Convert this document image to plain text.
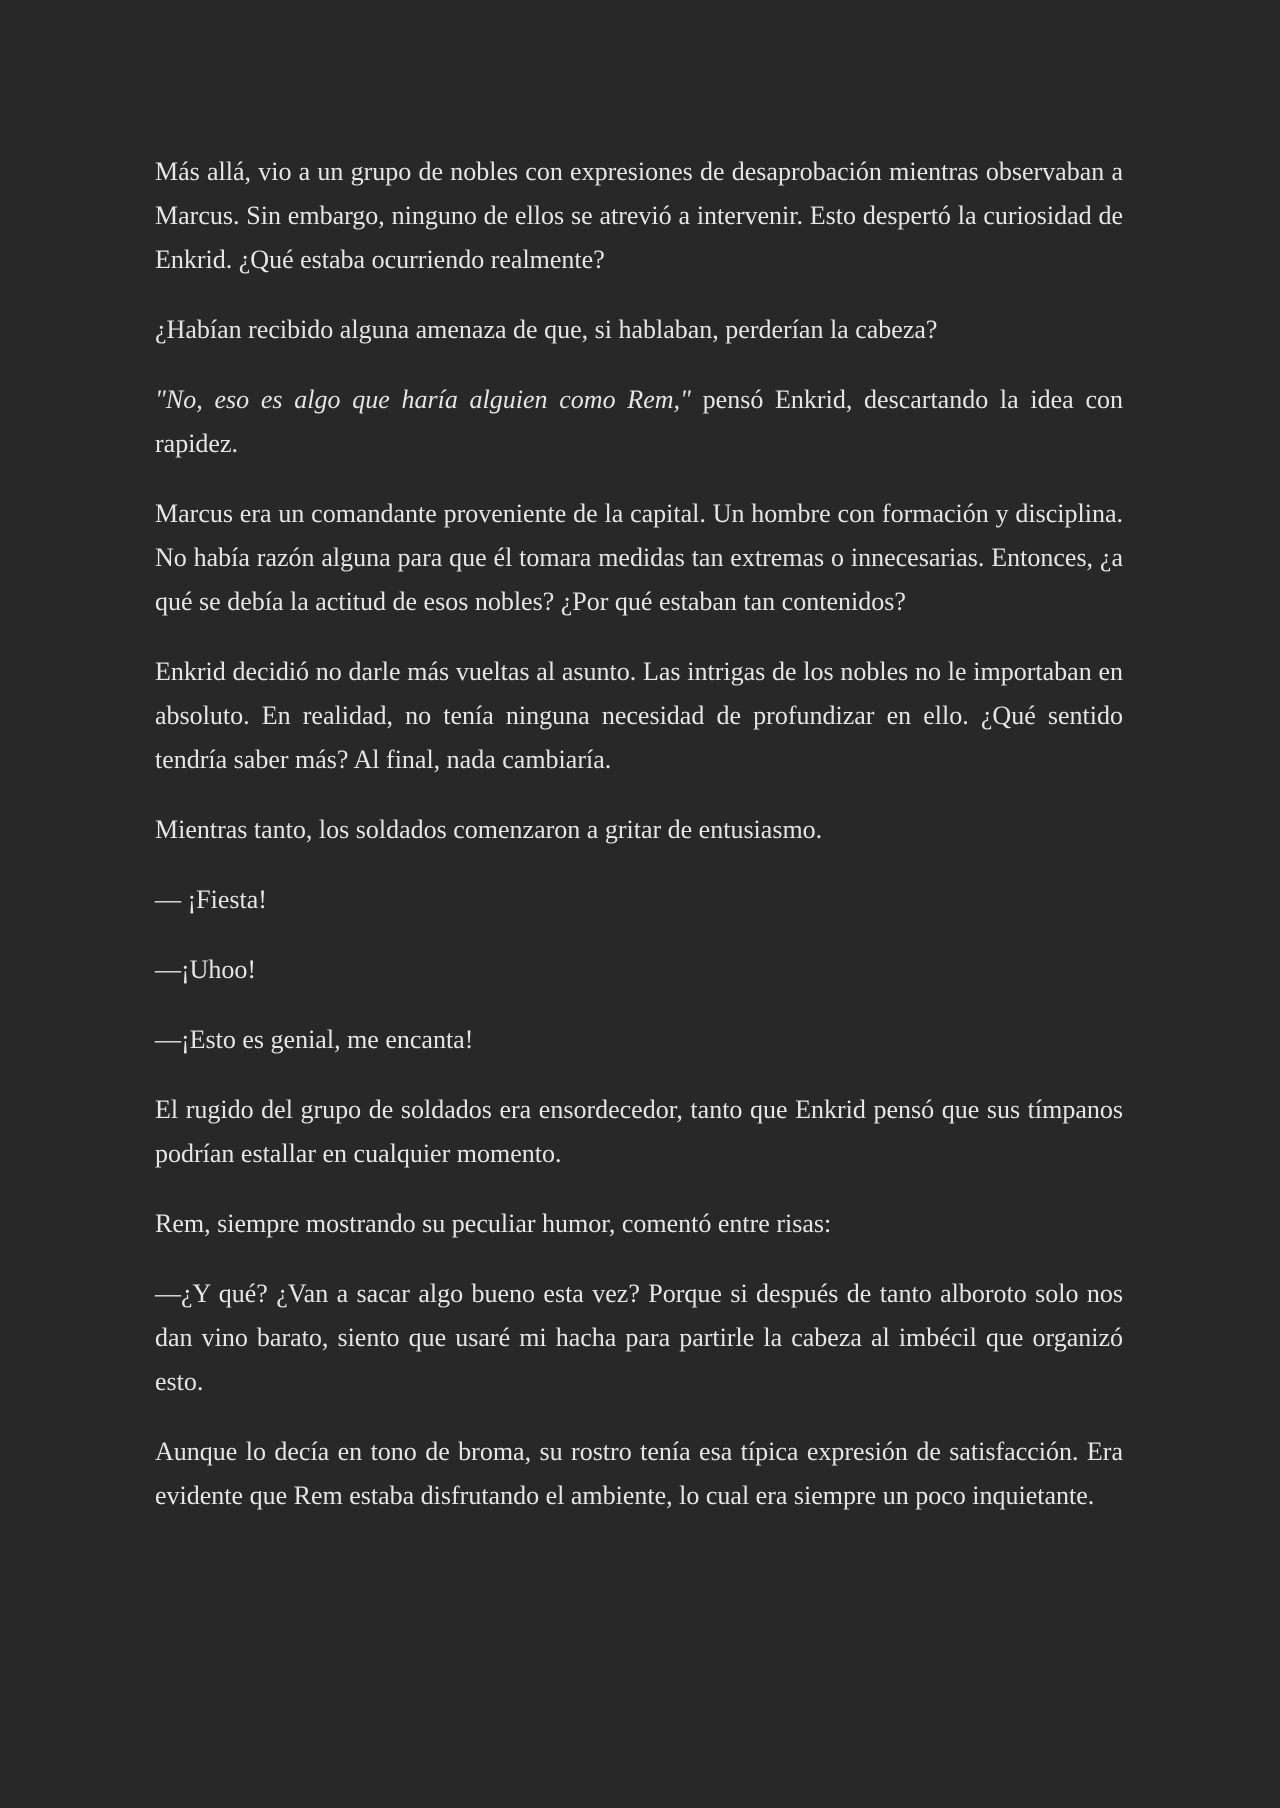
Más allá, vio a un grupo de nobles con expresiones de desaprobación mientras observaban a Marcus. Sin embargo, ninguno de ellos se atrevió a intervenir. Esto despertó la curiosidad de Enkrid. ¿Qué estaba ocurriendo realmente?

¿Habían recibido alguna amenaza de que, si hablaban, perderían la cabeza?

"No, eso es algo que haría alguien como Rem," pensó Enkrid, descartando la idea con rapidez.

Marcus era un comandante proveniente de la capital. Un hombre con formación y disciplina. No había razón alguna para que él tomara medidas tan extremas o innecesarias. Entonces, ¿a qué se debía la actitud de esos nobles? ¿Por qué estaban tan contenidos?

Enkrid decidió no darle más vueltas al asunto. Las intrigas de los nobles no le importaban en absoluto. En realidad, no tenía ninguna necesidad de profundizar en ello. ¿Qué sentido tendría saber más? Al final, nada cambiaría.

Mientras tanto, los soldados comenzaron a gritar de entusiasmo.

— ¡Fiesta!

—¡Uhoo!

—¡Esto es genial, me encanta!

El rugido del grupo de soldados era ensordecedor, tanto que Enkrid pensó que sus tímpanos podrían estallar en cualquier momento.

Rem, siempre mostrando su peculiar humor, comentó entre risas:

—¿Y qué? ¿Van a sacar algo bueno esta vez? Porque si después de tanto alboroto solo nos dan vino barato, siento que usaré mi hacha para partirle la cabeza al imbécil que organizó esto.

Aunque lo decía en tono de broma, su rostro tenía esa típica expresión de satisfacción. Era evidente que Rem estaba disfrutando el ambiente, lo cual era siempre un poco inquietante.
